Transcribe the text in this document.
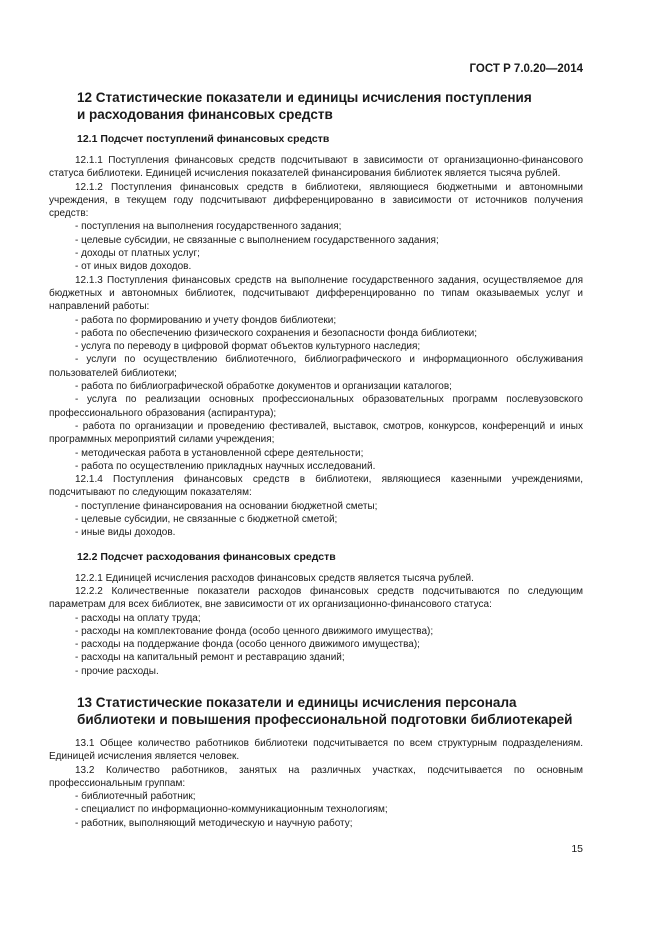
ГОСТ Р 7.0.20—2014
12 Статистические показатели и единицы исчисления поступления
и расходования финансовых средств
12.1 Подсчет поступлений финансовых средств
12.1.1 Поступления финансовых средств подсчитывают в зависимости от организационно-финансового статуса библиотеки. Единицей исчисления показателей финансирования библиотек является тысяча рублей.
12.1.2 Поступления финансовых средств в библиотеки, являющиеся бюджетными и автономными учреждения, в текущем году подсчитывают дифференцированно в зависимости от источников получения средств:
- поступления на выполнения государственного задания;
- целевые субсидии, не связанные с выполнением государственного задания;
- доходы от платных услуг;
- от иных видов доходов.
12.1.3 Поступления финансовых средств на выполнение государственного задания, осуществляемое для бюджетных и автономных библиотек, подсчитывают дифференцированно по типам оказываемых услуг и направлений работы:
- работа по формированию и учету фондов библиотеки;
- работа по обеспечению физического сохранения и безопасности фонда библиотеки;
- услуга по переводу в цифровой формат объектов культурного наследия;
- услуги по осуществлению библиотечного, библиографического и информационного обслуживания пользователей библиотеки;
- работа по библиографической обработке документов и организации каталогов;
- услуга по реализации основных профессиональных образовательных программ послевузовского профессионального образования (аспирантура);
- работа по организации и проведению фестивалей, выставок, смотров, конкурсов, конференций и иных программных мероприятий силами учреждения;
- методическая работа в установленной сфере деятельности;
- работа по осуществлению прикладных научных исследований.
12.1.4 Поступления финансовых средств в библиотеки, являющиеся казенными учреждениями, подсчитывают по следующим показателям:
- поступление финансирования на основании бюджетной сметы;
- целевые субсидии, не связанные с бюджетной сметой;
- иные виды доходов.
12.2 Подсчет расходования финансовых средств
12.2.1 Единицей исчисления расходов финансовых средств является тысяча рублей.
12.2.2 Количественные показатели расходов финансовых средств подсчитываются по следующим параметрам для всех библиотек, вне зависимости от их организационно-финансового статуса:
- расходы на оплату труда;
- расходы на комплектование фонда (особо ценного движимого имущества);
- расходы на поддержание фонда (особо ценного движимого имущества);
- расходы на капитальный ремонт и реставрацию зданий;
- прочие расходы.
13 Статистические показатели и единицы исчисления персонала
библиотеки и повышения профессиональной подготовки библиотекарей
13.1 Общее количество работников библиотеки подсчитывается по всем структурным подразделениям. Единицей исчисления является человек.
13.2 Количество работников, занятых на различных участках, подсчитывается по основным профессиональным группам:
- библиотечный работник;
- специалист по информационно-коммуникационным технологиям;
- работник, выполняющий методическую и научную работу;
15
